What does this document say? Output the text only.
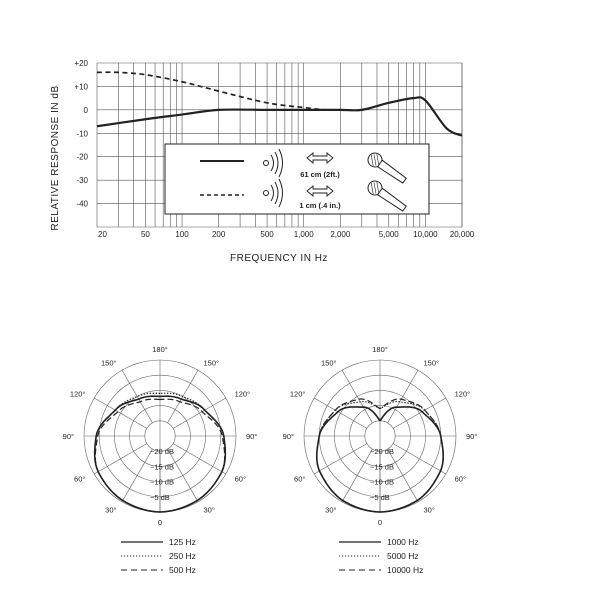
+20
+10
0
-10
-20
-30
-40
20	50	100	200	500 1,000 2,000	5,000 10,000 20,000
RELATIVE RESPONSE IN dB
FREQUENCY IN Hz
61 cm (2ft.)
1 cm (.4 in.)
180°
150°	150°
120°	120°
90°	90°
60°	60°
30°	30°
0
−20 dB
−15 dB
−10 dB
−5 dB
125 Hz
250 Hz
500 Hz
180°
150°	150°
120°	120°
90°	90°
60°	60°
30°	30°
0
−20 dB
−15 dB
−10 dB
−5 dB
1000 Hz
5000 Hz
10000 Hz
